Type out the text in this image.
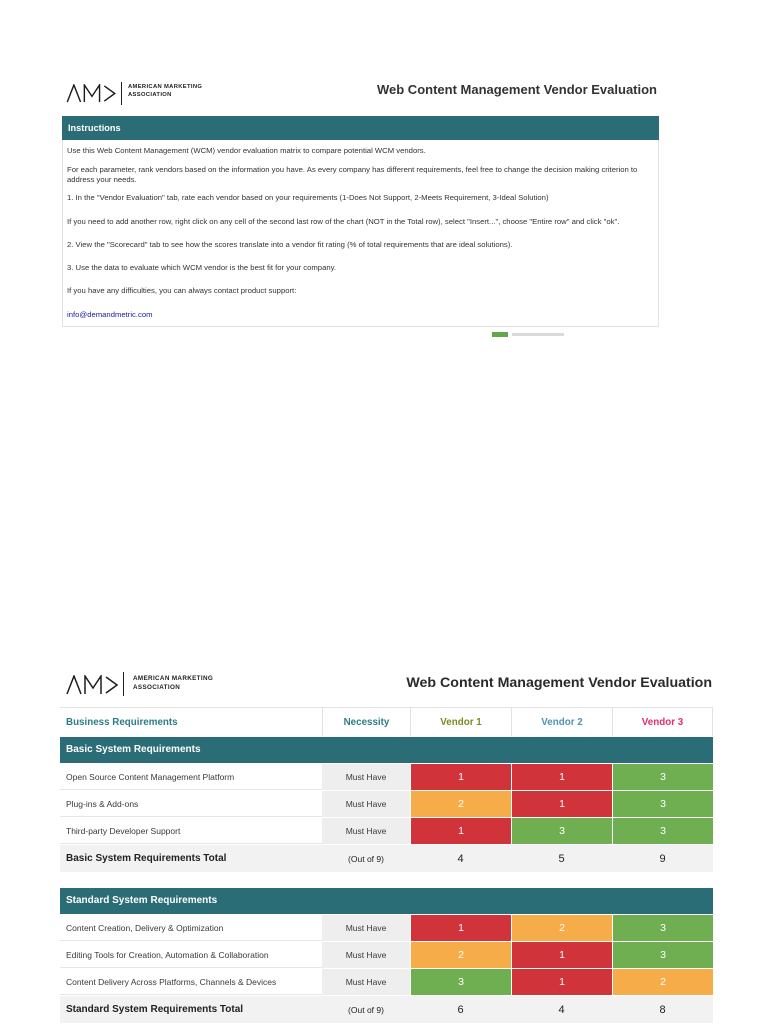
AMERICAN MARKETING
ASSOCIATION	Web Content Management Vendor Evaluation
Instructions

Use this Web Content Management (WCM) vendor evaluation matrix to compare potential WCM vendors.

For each parameter, rank vendors based on the information you have. As every company has different requirements, feel free to change the decision making criterion to address your needs.

1. In the "Vendor Evaluation" tab, rate each vendor based on your requirements (1-Does Not Support, 2-Meets Requirement, 3-Ideal Solution)

If you need to add another row, right click on any cell of the second last row of the chart (NOT in the Total row), select "Insert...", choose "Entire row" and click "ok".

2. View the "Scorecard" tab to see how the scores translate into a vendor fit rating (% of total requirements that are ideal solutions).

3. Use the data to evaluate which WCM vendor is the best fit for your company.

If you have any difficulties, you can always contact product support:

info@demandmetric.com
AMERICAN MARKETING
ASSOCIATION	Web Content Management Vendor Evaluation
Business Requirements	Necessity	Vendor 1	Vendor 2	Vendor 3
Basic System Requirements
Open Source Content Management Platform	Must Have	1	1	3
Plug-ins & Add-ons	Must Have	2	1	3
Third-party Developer Support	Must Have	1	3	3
Basic System Requirements Total	(Out of 9)	4	5	9
Standard System Requirements
Content Creation, Delivery & Optimization	Must Have	1	2	3
Editing Tools for Creation, Automation & Collaboration	Must Have	2	1	3
Content Delivery Across Platforms, Channels & Devices	Must Have	3	1	2
Standard System Requirements Total	(Out of 9)	6	4	8
